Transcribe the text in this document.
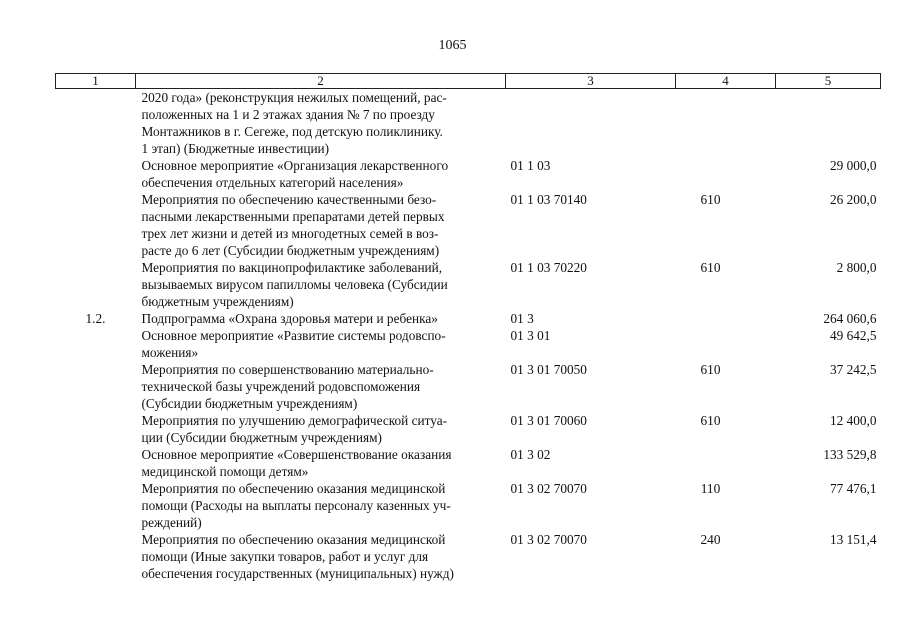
1065
1	2	3	4	5

	2020 года» (реконструкция нежилых помещений, рас-
положенных на 1 и 2 этажах здания № 7 по проезду
Монтажников в г. Сегеже, под детскую поликлинику.
1 этап) (Бюджетные инвестиции)			

	Основное мероприятие «Организация лекарственного
обеспечения отдельных категорий населения»	01 1 03		29 000,0

	Мероприятия по обеспечению качественными безо-
пасными лекарственными препаратами детей первых
трех лет жизни и детей из многодетных семей в воз-
расте до 6 лет (Субсидии бюджетным учреждениям)	01 1 03 70140	610	26 200,0

	Мероприятия по вакцинопрофилактике заболеваний,
вызываемых вирусом папилломы человека (Субсидии
бюджетным учреждениям)	01 1 03 70220	610	2 800,0
1.2.	Подпрограмма «Охрана здоровья матери и ребенка»	01 3		264 060,6

	Основное мероприятие «Развитие системы родовспо-
можения»	01 3 01		49 642,5

	Мероприятия по совершенствованию материально-
технической базы учреждений родовспоможения
(Субсидии бюджетным учреждениям)	01 3 01 70050	610	37 242,5

	Мероприятия по улучшению демографической ситуа-
ции (Субсидии бюджетным учреждениям)	01 3 01 70060	610	12 400,0

	Основное мероприятие «Совершенствование оказания
медицинской помощи детям»	01 3 02		133 529,8

	Мероприятия по обеспечению оказания медицинской
помощи (Расходы на выплаты персоналу казенных уч-
реждений)	01 3 02 70070	110	77 476,1

	Мероприятия по обеспечению оказания медицинской
помощи (Иные закупки товаров, работ и услуг для
обеспечения государственных (муниципальных) нужд)	01 3 02 70070	240	13 151,4
